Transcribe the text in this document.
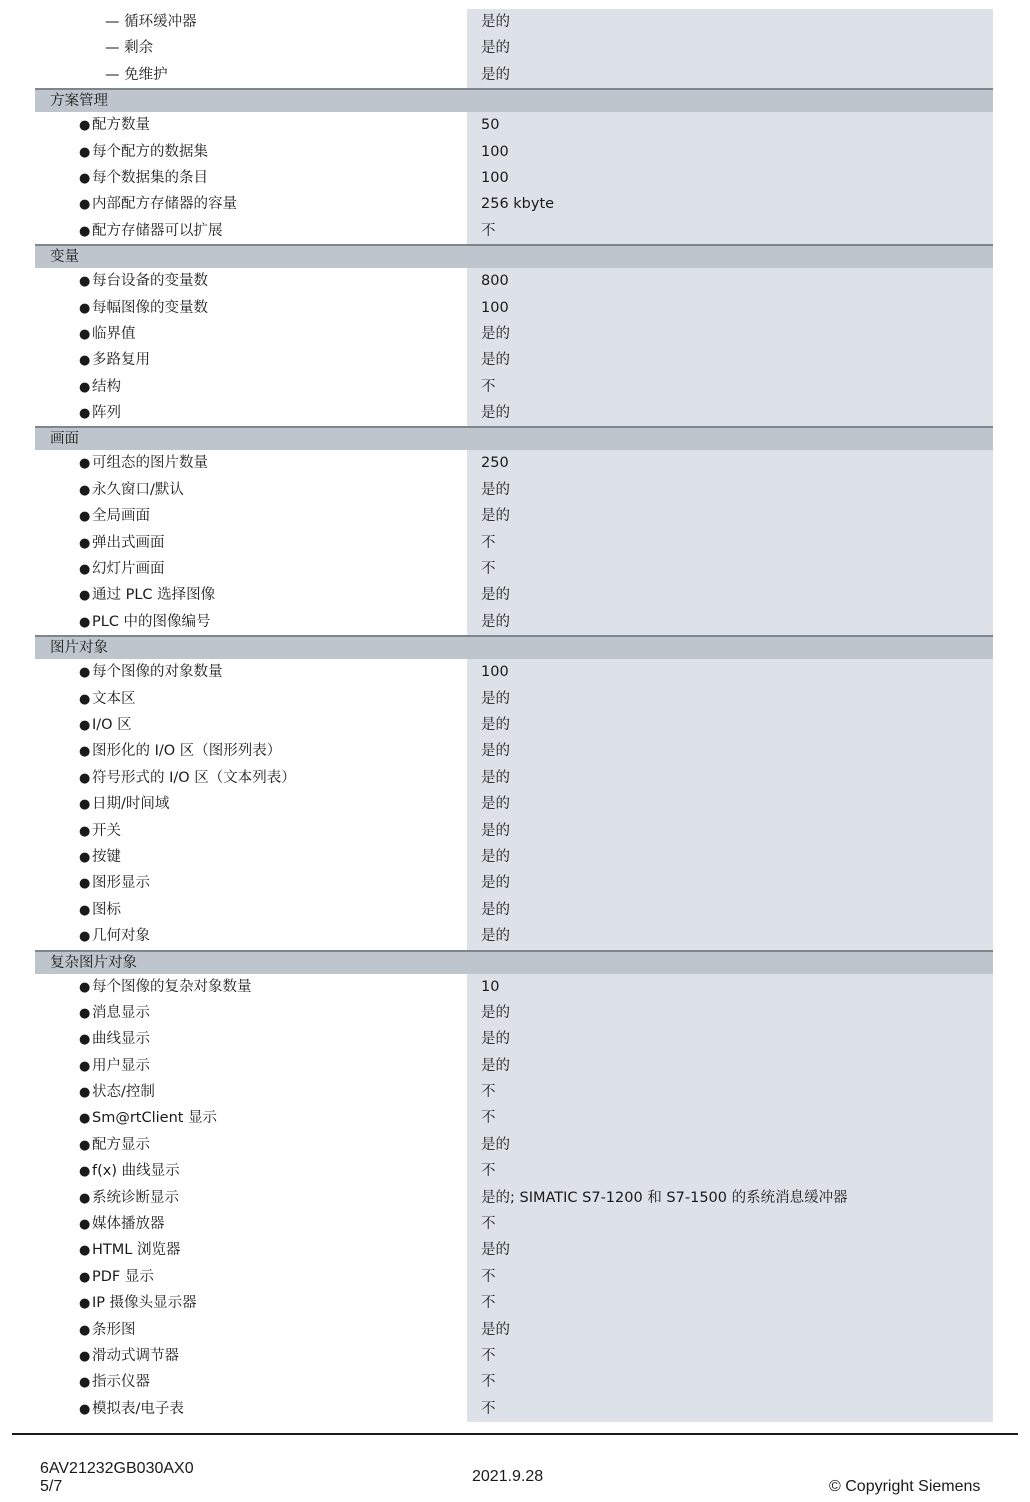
— 循环缓冲器	是的
— 剩余	是的
— 免维护	是的
方案管理
● 配方数量	50
● 每个配方的数据集	100
● 每个数据集的条目	100
● 内部配方存储器的容量	256 kbyte
● 配方存储器可以扩展	不
变量
● 每台设备的变量数	800
● 每幅图像的变量数	100
● 临界值	是的
● 多路复用	是的
● 结构	不
● 阵列	是的
画面
● 可组态的图片数量	250
● 永久窗口/默认	是的
● 全局画面	是的
● 弹出式画面	不
● 幻灯片画面	不
● 通过 PLC 选择图像	是的
● PLC 中的图像编号	是的
图片对象
● 每个图像的对象数量	100
● 文本区	是的
● I/O 区	是的
● 图形化的 I/O 区（图形列表）	是的
● 符号形式的 I/O 区（文本列表）	是的
● 日期/时间域	是的
● 开关	是的
● 按键	是的
● 图形显示	是的
● 图标	是的
● 几何对象	是的
复杂图片对象
● 每个图像的复杂对象数量	10
● 消息显示	是的
● 曲线显示	是的
● 用户显示	是的
● 状态/控制	不
● Sm@rtClient 显示	不
● 配方显示	是的
● f(x) 曲线显示	不
● 系统诊断显示	是的; SIMATIC S7-1200 和 S7-1500 的系统消息缓冲器
● 媒体播放器	不
● HTML 浏览器	是的
● PDF 显示	不
● IP 摄像头显示器	不
● 条形图	是的
● 滑动式调节器	不
● 指示仪器	不
● 模拟表/电子表	不
6AV21232GB030AX0
5/7
2021.9.28
© Copyright Siemens
